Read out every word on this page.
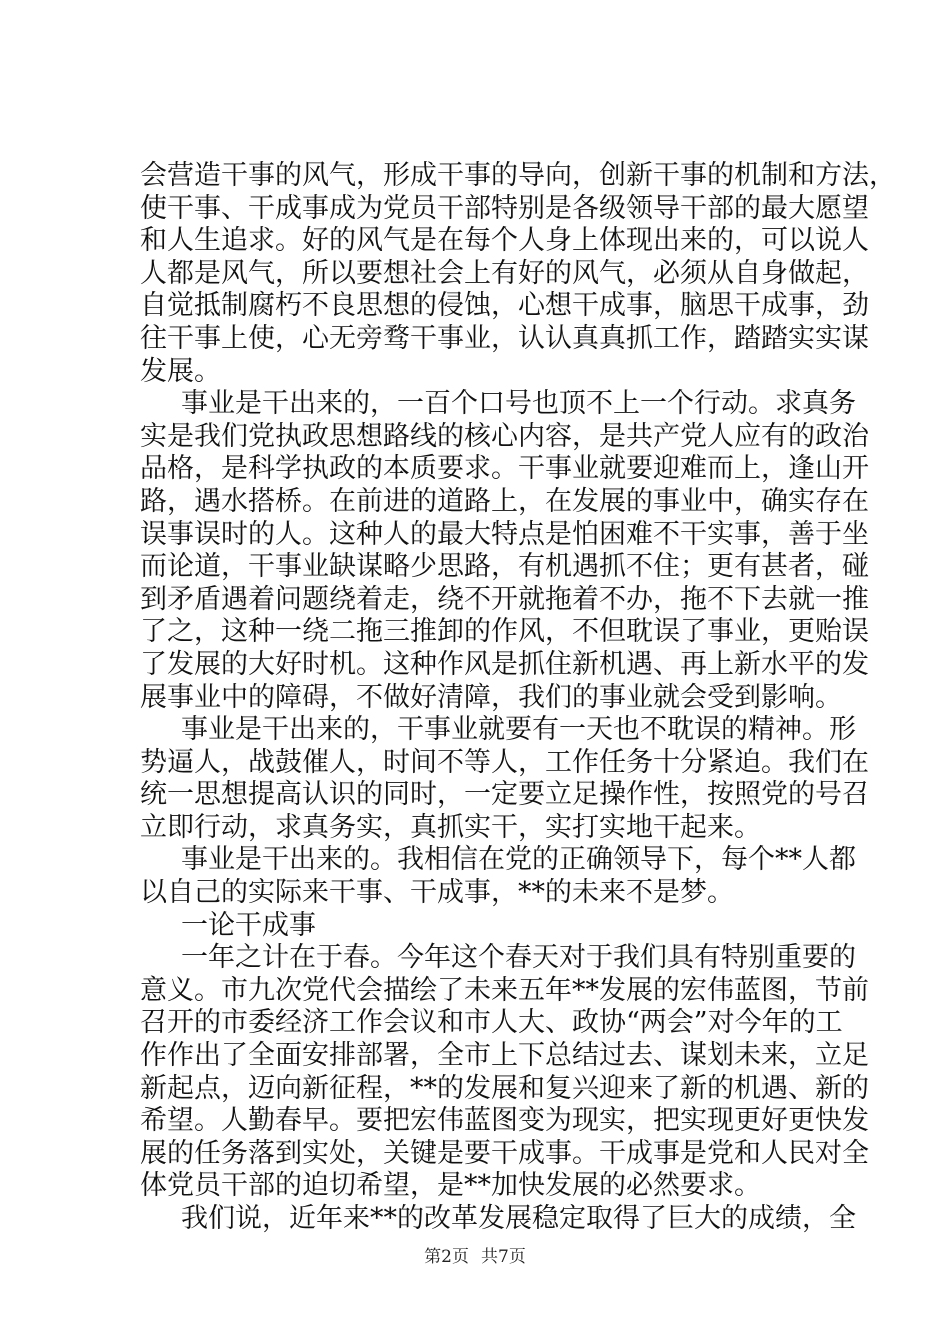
会营造干事的风气，形成干事的导向，创新干事的机制和方法，
使干事、干成事成为党员干部特别是各级领导干部的最大愿望
和人生追求。好的风气是在每个人身上体现出来的，可以说人
人都是风气，所以要想社会上有好的风气，必须从自身做起，
自觉抵制腐朽不良思想的侵蚀，心想干成事，脑思干成事，劲
往干事上使，心无旁骛干事业，认认真真抓工作，踏踏实实谋
发展。
事业是干出来的，一百个口号也顶不上一个行动。求真务
实是我们党执政思想路线的核心内容，是共产党人应有的政治
品格，是科学执政的本质要求。干事业就要迎难而上，逢山开
路，遇水搭桥。在前进的道路上，在发展的事业中，确实存在
误事误时的人。这种人的最大特点是怕困难不干实事，善于坐
而论道，干事业缺谋略少思路，有机遇抓不住；更有甚者，碰
到矛盾遇着问题绕着走，绕不开就拖着不办，拖不下去就一推
了之，这种一绕二拖三推卸的作风，不但耽误了事业，更贻误
了发展的大好时机。这种作风是抓住新机遇、再上新水平的发
展事业中的障碍，不做好清障，我们的事业就会受到影响。
事业是干出来的，干事业就要有一天也不耽误的精神。形
势逼人，战鼓催人，时间不等人，工作任务十分紧迫。我们在
统一思想提高认识的同时，一定要立足操作性，按照党的号召
立即行动，求真务实，真抓实干，实打实地干起来。
事业是干出来的。我相信在党的正确领导下，每个**人都
以自己的实际来干事、干成事，**的未来不是梦。
一论干成事
一年之计在于春。今年这个春天对于我们具有特别重要的
意义。市九次党代会描绘了未来五年**发展的宏伟蓝图，节前
召开的市委经济工作会议和市人大、政协“两会”对今年的工
作作出了全面安排部署，全市上下总结过去、谋划未来，立足
新起点，迈向新征程，**的发展和复兴迎来了新的机遇、新的
希望。人勤春早。要把宏伟蓝图变为现实，把实现更好更快发
展的任务落到实处，关键是要干成事。干成事是党和人民对全
体党员干部的迫切希望，是**加快发展的必然要求。
我们说，近年来**的改革发展稳定取得了巨大的成绩，全
第2页 共7页
